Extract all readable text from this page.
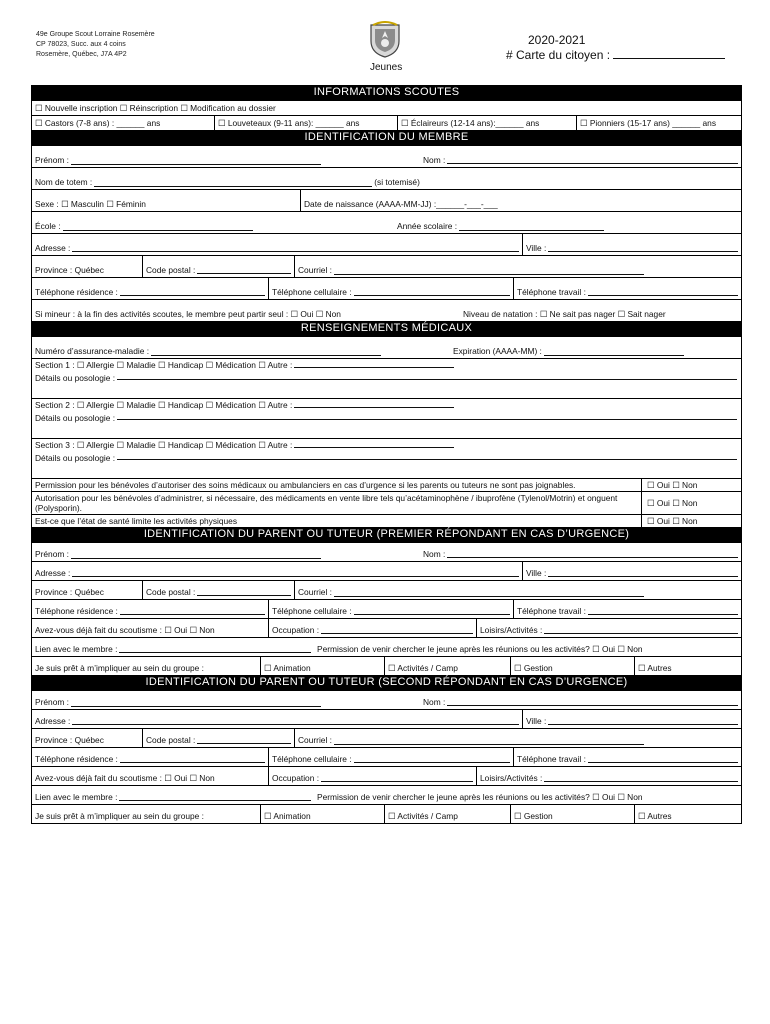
49e Groupe Scout Lorraine Rosemère
CP 78023, Succ. aux 4 coins
Rosemère, Québec, J7A 4P2
Jeunes
2020-2021
# Carte du citoyen :
INFORMATIONS SCOUTES
☐ Nouvelle inscription ☐ Réinscription ☐ Modification au dossier
☐ Castors (7-8 ans) : ______ ans	☐ Louveteaux (9-11 ans): ______ ans	☐ Éclaireurs (12-14 ans):______ ans	☐ Pionniers (15-17 ans) ______ ans
IDENTIFICATION DU MEMBRE
Prénom :	Nom :
Nom de totem :	(si totemisé)
Sexe : ☐ Masculin ☐ Féminin	Date de naissance (AAAA-MM-JJ) :______-___-___
École :	Année scolaire :
Adresse :	Ville :
Province : Québec	Code postal :	Courriel :
Téléphone résidence :	Téléphone cellulaire :	Téléphone travail :
Si mineur : à la fin des activités scoutes, le membre peut partir seul : ☐ Oui ☐ Non	Niveau de natation : ☐ Ne sait pas nager ☐ Sait nager
RENSEIGNEMENTS MÉDICAUX
Numéro d’assurance-maladie :	Expiration (AAAA-MM) :
Section 1 : ☐ Allergie ☐ Maladie ☐ Handicap ☐ Médication ☐ Autre :
Détails ou posologie :
Section 2 : ☐ Allergie ☐ Maladie ☐ Handicap ☐ Médication ☐ Autre :
Détails ou posologie :
Section 3 : ☐ Allergie ☐ Maladie ☐ Handicap ☐ Médication ☐ Autre :
Détails ou posologie :
Permission pour les bénévoles d’autoriser des soins médicaux ou ambulanciers en cas d’urgence si les parents ou tuteurs ne sont pas joignables.	☐ Oui ☐ Non
Autorisation pour les bénévoles d’administrer, si nécessaire, des médicaments en vente libre tels qu’acétaminophène / ibuprofène (Tylenol/Motrin) et onguent (Polysporin).	☐ Oui ☐ Non
Est-ce que l’état de santé limite les activités physiques	☐ Oui ☐ Non
IDENTIFICATION DU PARENT OU TUTEUR (PREMIER RÉPONDANT EN CAS D’URGENCE)
Prénom :	Nom :
Adresse :	Ville :
Province : Québec	Code postal :	Courriel :
Téléphone résidence :	Téléphone cellulaire :	Téléphone travail :
Avez-vous déjà fait du scoutisme : ☐ Oui ☐ Non	Occupation :	Loisirs/Activités :
Lien avec le membre :	Permission de venir chercher le jeune après les réunions ou les activités? ☐ Oui ☐ Non
Je suis prêt à m’impliquer au sein du groupe :	☐ Animation	☐ Activités / Camp	☐ Gestion	☐ Autres
IDENTIFICATION DU PARENT OU TUTEUR (SECOND RÉPONDANT EN CAS D’URGENCE)
Prénom :	Nom :
Adresse :	Ville :
Province : Québec	Code postal :	Courriel :
Téléphone résidence :	Téléphone cellulaire :	Téléphone travail :
Avez-vous déjà fait du scoutisme : ☐ Oui ☐ Non	Occupation :	Loisirs/Activités :
Lien avec le membre :	Permission de venir chercher le jeune après les réunions ou les activités? ☐ Oui ☐ Non
Je suis prêt à m’impliquer au sein du groupe :	☐ Animation	☐ Activités / Camp	☐ Gestion	☐ Autres
